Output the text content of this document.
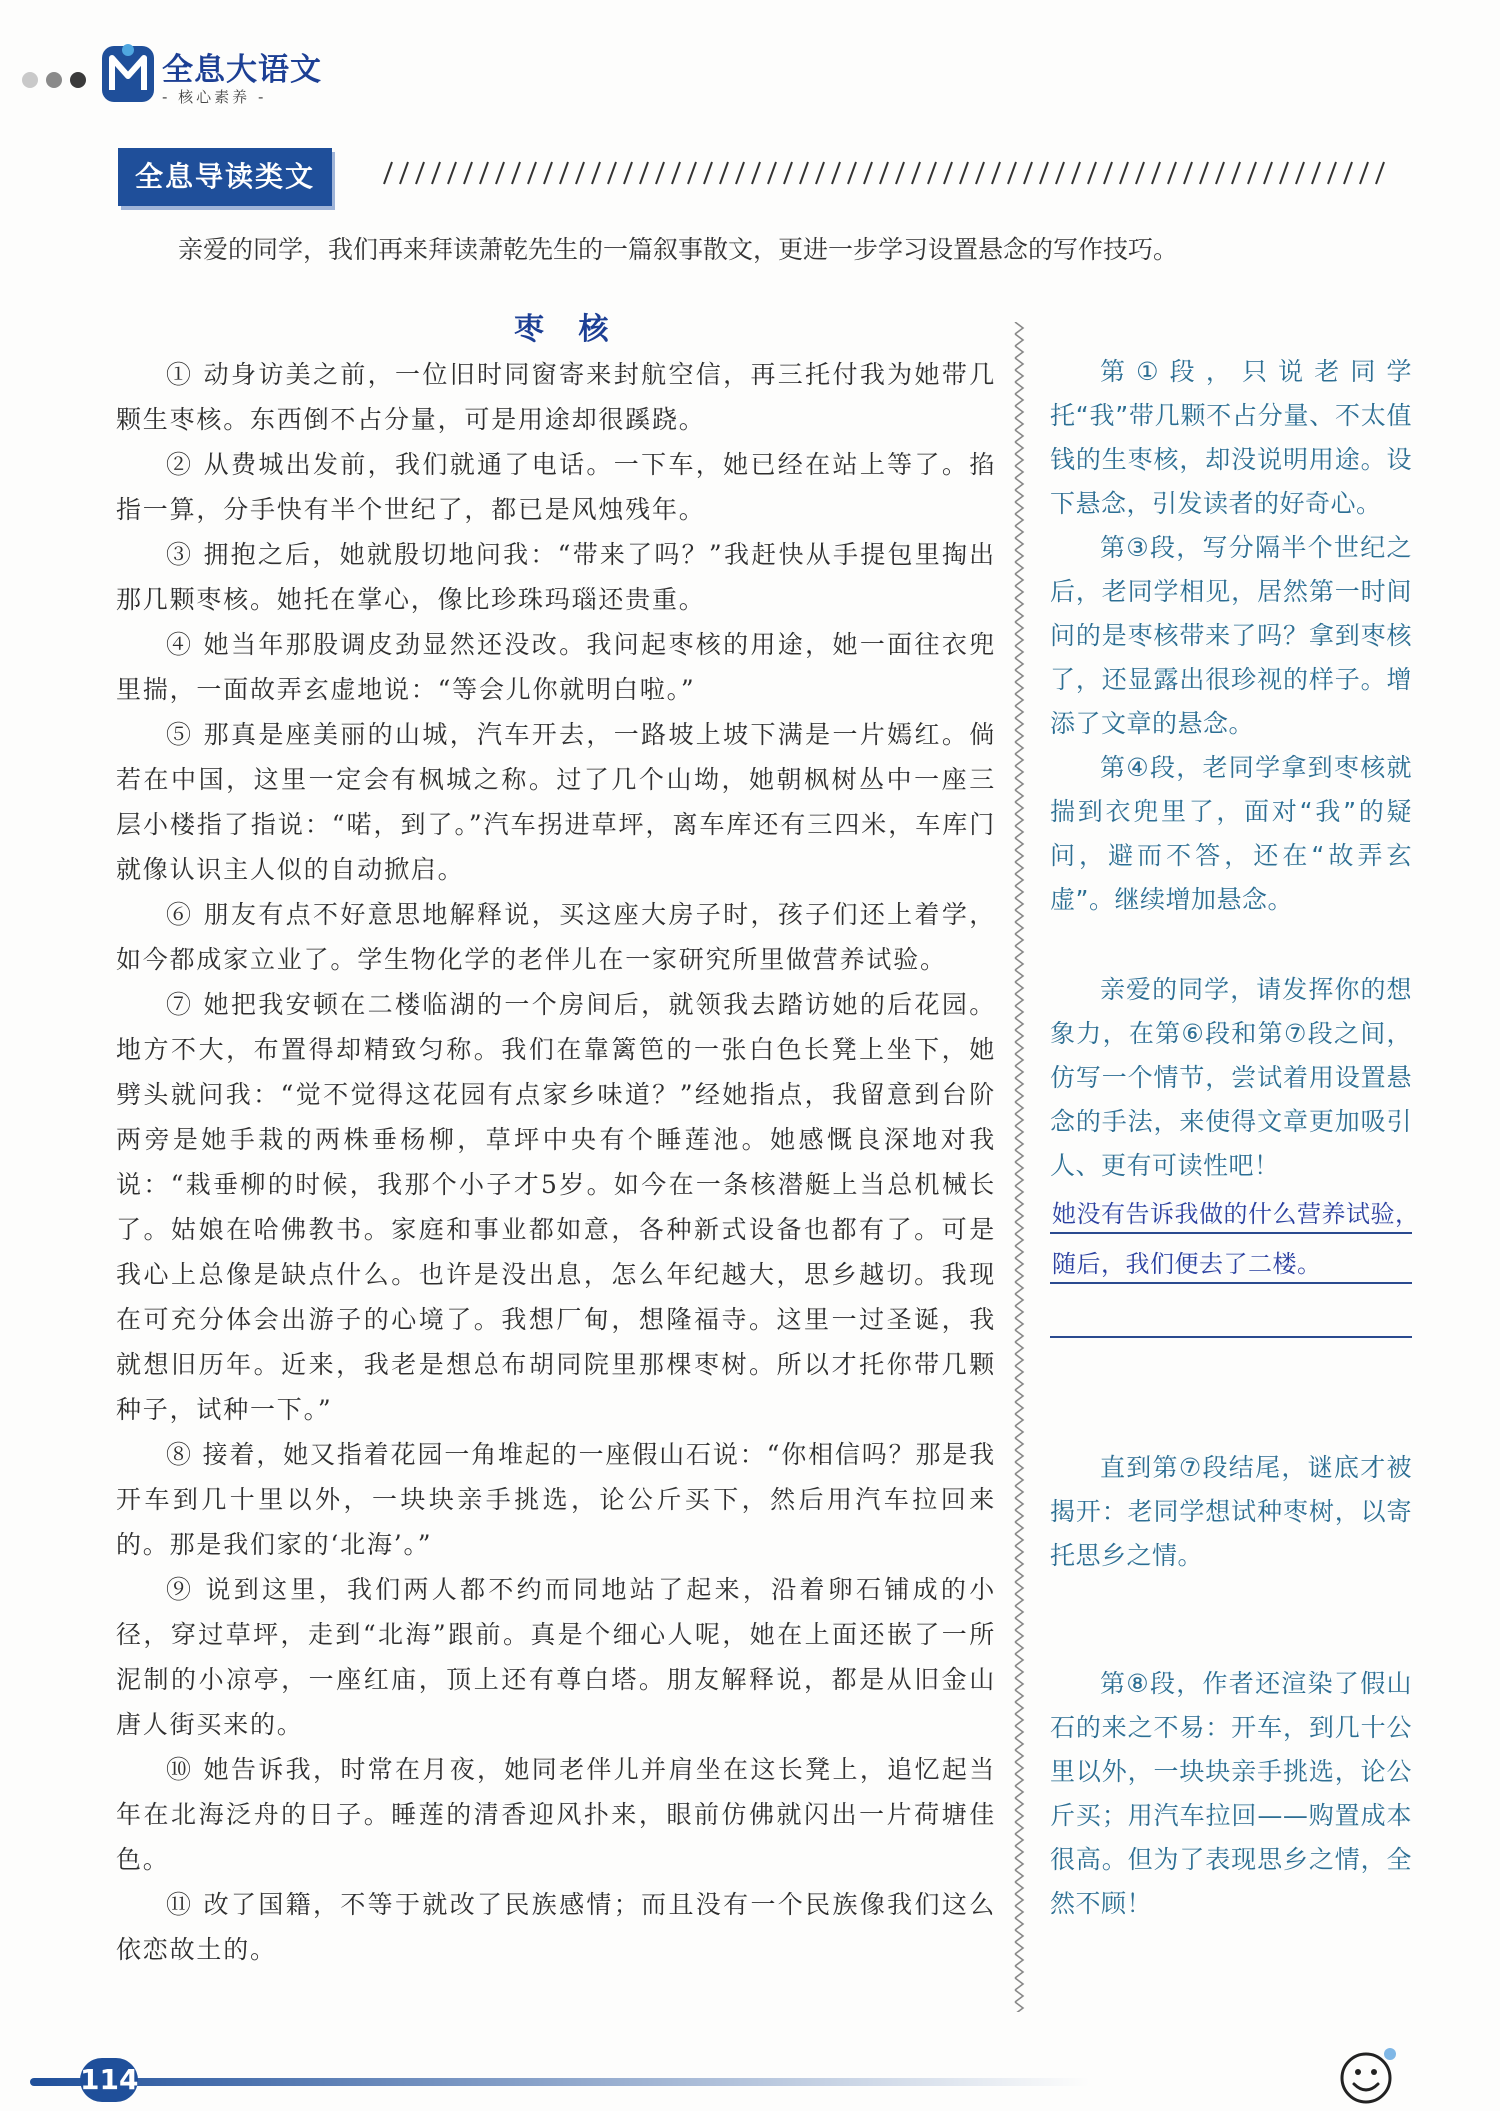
全息大语文
- 核心素养 -
全息导读类文
亲爱的同学，我们再来拜读萧乾先生的一篇叙事散文，更进一步学习设置悬念的写作技巧。
枣 核

① 动身访美之前，一位旧时同窗寄来封航空信，再三托付我为她带几颗生枣核。东西倒不占分量，可是用途却很蹊跷。

② 从费城出发前，我们就通了电话。一下车，她已经在站上等了。掐指一算，分手快有半个世纪了，都已是风烛残年。

③ 拥抱之后，她就殷切地问我：“带来了吗？”我赶快从手提包里掏出那几颗枣核。她托在掌心，像比珍珠玛瑙还贵重。

④ 她当年那股调皮劲显然还没改。我问起枣核的用途，她一面往衣兜里揣，一面故弄玄虚地说：“等会儿你就明白啦。”

⑤ 那真是座美丽的山城，汽车开去，一路坡上坡下满是一片嫣红。倘若在中国，这里一定会有枫城之称。过了几个山坳，她朝枫树丛中一座三层小楼指了指说：“喏，到了。”汽车拐进草坪，离车库还有三四米，车库门就像认识主人似的自动掀启。

⑥ 朋友有点不好意思地解释说，买这座大房子时，孩子们还上着学，如今都成家立业了。学生物化学的老伴儿在一家研究所里做营养试验。

⑦ 她把我安顿在二楼临湖的一个房间后，就领我去踏访她的后花园。地方不大，布置得却精致匀称。我们在靠篱笆的一张白色长凳上坐下，她劈头就问我：“觉不觉得这花园有点家乡味道？”经她指点，我留意到台阶两旁是她手栽的两株垂杨柳，草坪中央有个睡莲池。她感慨良深地对我说：“栽垂柳的时候，我那个小子才5岁。如今在一条核潜艇上当总机械长了。姑娘在哈佛教书。家庭和事业都如意，各种新式设备也都有了。可是我心上总像是缺点什么。也许是没出息，怎么年纪越大，思乡越切。我现在可充分体会出游子的心境了。我想厂甸，想隆福寺。这里一过圣诞，我就想旧历年。近来，我老是想总布胡同院里那棵枣树。所以才托你带几颗种子，试种一下。”

⑧ 接着，她又指着花园一角堆起的一座假山石说：“你相信吗？那是我开车到几十里以外，一块块亲手挑选，论公斤买下，然后用汽车拉回来的。那是我们家的‘北海’。”

⑨ 说到这里，我们两人都不约而同地站了起来，沿着卵石铺成的小径，穿过草坪，走到“北海”跟前。真是个细心人呢，她在上面还嵌了一所泥制的小凉亭，一座红庙，顶上还有尊白塔。朋友解释说，都是从旧金山唐人街买来的。

⑩ 她告诉我，时常在月夜，她同老伴儿并肩坐在这长凳上，追忆起当年在北海泛舟的日子。睡莲的清香迎风扑来，眼前仿佛就闪出一片荷塘佳色。

⑪ 改了国籍，不等于就改了民族感情；而且没有一个民族像我们这么依恋故土的。

第①段，只说老同学托“我”带几颗不占分量、不太值钱的生枣核，却没说明用途。设下悬念，引发读者的好奇心。

第③段，写分隔半个世纪之后，老同学相见，居然第一时间问的是枣核带来了吗？拿到枣核了，还显露出很珍视的样子。增添了文章的悬念。

第④段，老同学拿到枣核就揣到衣兜里了，面对“我”的疑问，避而不答，还在“故弄玄虚”。继续增加悬念。

亲爱的同学，请发挥你的想象力，在第⑥段和第⑦段之间，仿写一个情节，尝试着用设置悬念的手法，来使得文章更加吸引人、更有可读性吧！

她没有告诉我做的什么营养试验，
随后，我们便去了二楼。

直到第⑦段结尾，谜底才被揭开：老同学想试种枣树，以寄托思乡之情。

第⑧段，作者还渲染了假山石的来之不易：开车，到几十公里以外，一块块亲手挑选，论公斤买；用汽车拉回——购置成本很高。但为了表现思乡之情，全然不顾！

114
